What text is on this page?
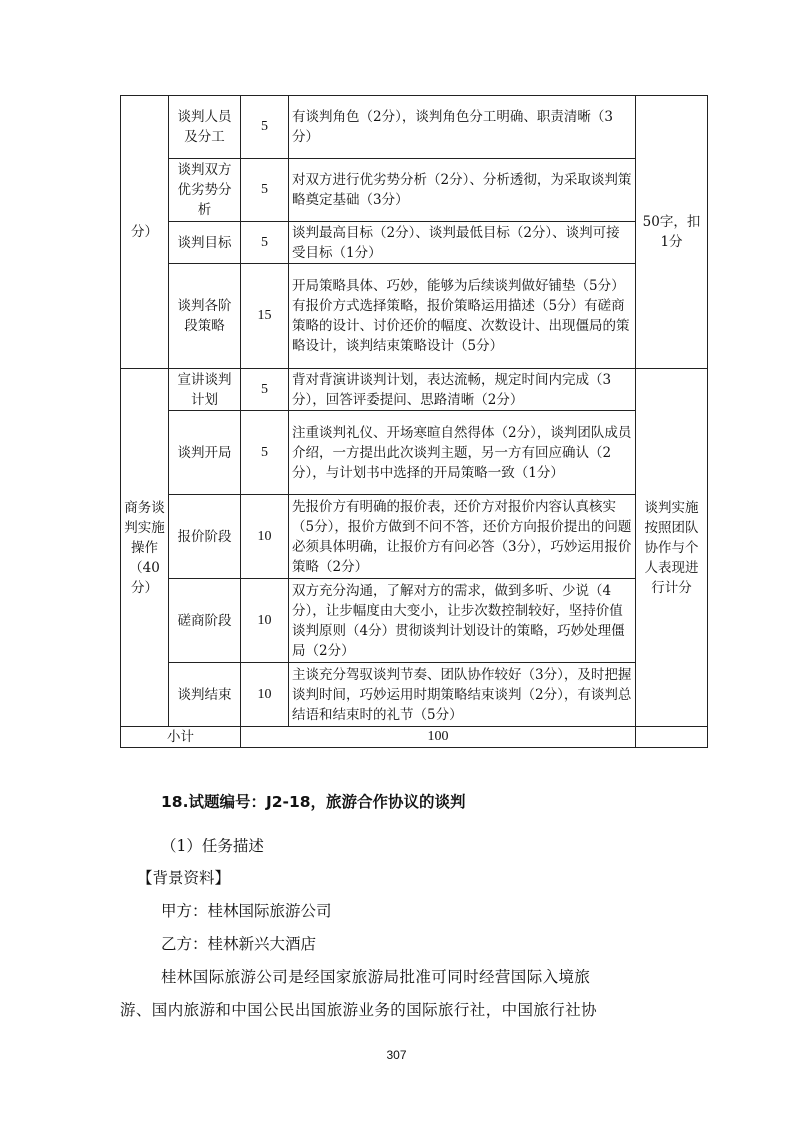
分）	谈判人员及分工	5	有谈判角色（2分），谈判角色分工明确、职责清晰（3分）	50字，扣1分
	谈判双方优劣势分析	5	对双方进行优劣势分析（2分）、分析透彻，为采取谈判策略奠定基础（3分）	
	谈判目标	5	谈判最高目标（2分）、谈判最低目标（2分）、谈判可接受目标（1分）	
	谈判各阶段策略	15	开局策略具体、巧妙，能够为后续谈判做好铺垫（5分）有报价方式选择策略，报价策略运用描述（5分）有磋商策略的设计、讨价还价的幅度、次数设计、出现僵局的策略设计，谈判结束策略设计（5分）	
商务谈判实施操作（40分）	宣讲谈判计划	5	背对背演讲谈判计划，表达流畅，规定时间内完成（3分），回答评委提问、思路清晰（2分）	谈判实施按照团队协作与个人表现进行计分
	谈判开局	5	注重谈判礼仪、开场寒暄自然得体（2分），谈判团队成员介绍，一方提出此次谈判主题，另一方有回应确认（2分），与计划书中选择的开局策略一致（1分）	
	报价阶段	10	先报价方有明确的报价表，还价方对报价内容认真核实（5分），报价方做到不问不答，还价方向报价提出的问题必须具体明确，让报价方有问必答（3分），巧妙运用报价策略（2分）	
	磋商阶段	10	双方充分沟通，了解对方的需求，做到多听、少说（4分），让步幅度由大变小，让步次数控制较好，坚持价值谈判原则（4分）贯彻谈判计划设计的策略，巧妙处理僵局（2分）	
	谈判结束	10	主谈充分驾驭谈判节奏、团队协作较好（3分），及时把握谈判时间，巧妙运用时期策略结束谈判（2分），有谈判总结语和结束时的礼节（5分）	
小计		100		
18.试题编号：J2-18，旅游合作协议的谈判
（1）任务描述
【背景资料】
甲方：桂林国际旅游公司
乙方：桂林新兴大酒店
桂林国际旅游公司是经国家旅游局批准可同时经营国际入境旅
游、国内旅游和中国公民出国旅游业务的国际旅行社，中国旅行社协
307
